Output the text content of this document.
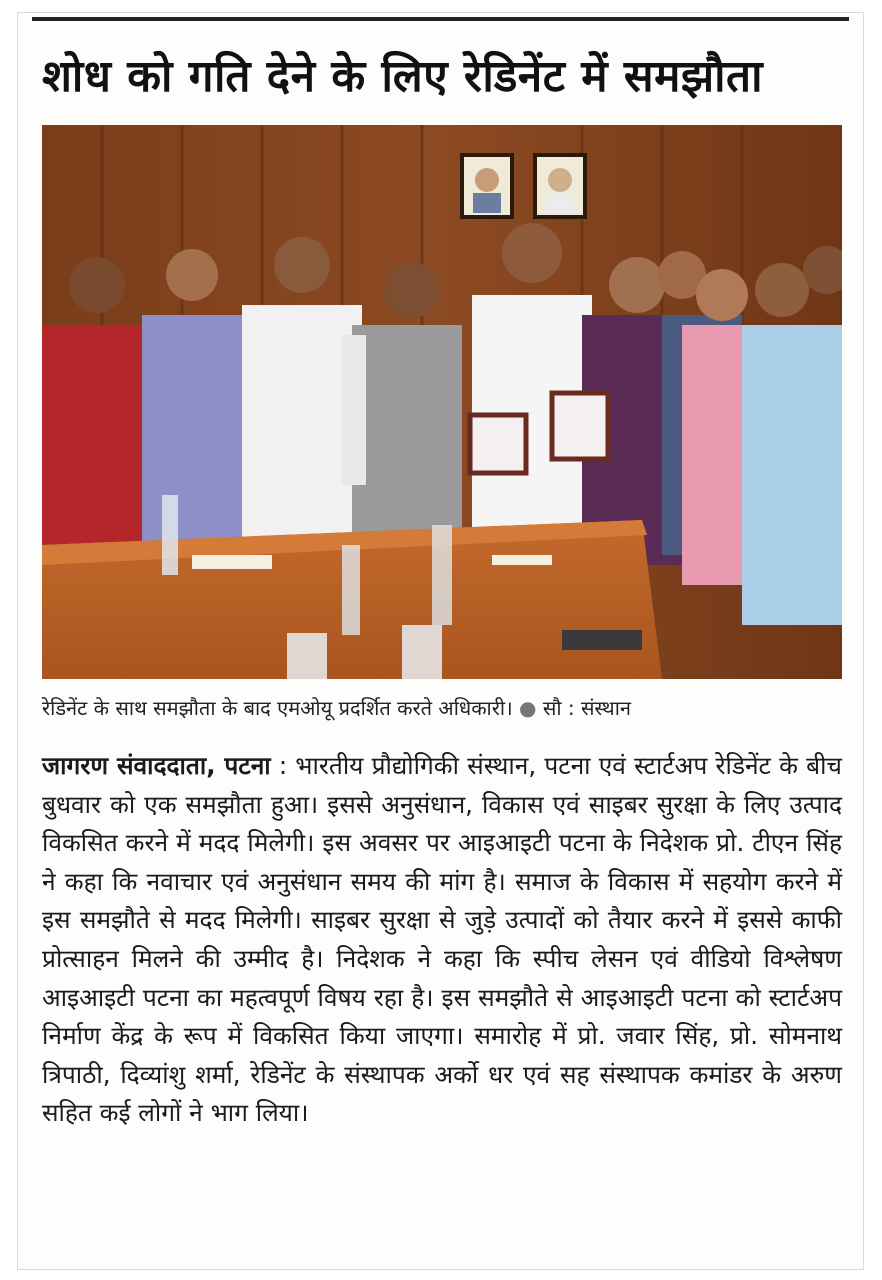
शोध को गति देने के लिए रेडिनेंट में समझौता
रेडिनेंट के साथ समझौता के बाद एमओयू प्रदर्शित करते अधिकारी। ● सौ : संस्थान
जागरण संवाददाता, पटना : भारतीय प्रौद्योगिकी संस्थान, पटना एवं स्टार्टअप रेडिनेंट के बीच बुधवार को एक समझौता हुआ। इससे अनुसंधान, विकास एवं साइबर सुरक्षा के लिए उत्पाद विकसित करने में मदद मिलेगी। इस अवसर पर आइआइटी पटना के निदेशक प्रो. टीएन सिंह ने कहा कि नवाचार एवं अनुसंधान समय की मांग है। समाज के विकास में सहयोग करने में इस समझौते से मदद मिलेगी। साइबर सुरक्षा से जुड़े उत्पादों को तैयार करने में इससे काफी प्रोत्साहन मिलने की उम्मीद है। निदेशक ने कहा कि स्पीच लेसन एवं वीडियो विश्लेषण आइआइटी पटना का महत्वपूर्ण विषय रहा है। इस समझौते से आइआइटी पटना को स्टार्टअप निर्माण केंद्र के रूप में विकसित किया जाएगा। समारोह में प्रो. जवार सिंह, प्रो. सोमनाथ त्रिपाठी, दिव्यांशु शर्मा, रेडिनेंट के संस्थापक अर्को धर एवं सह संस्थापक कमांडर के अरुण सहित कई लोगों ने भाग लिया।
